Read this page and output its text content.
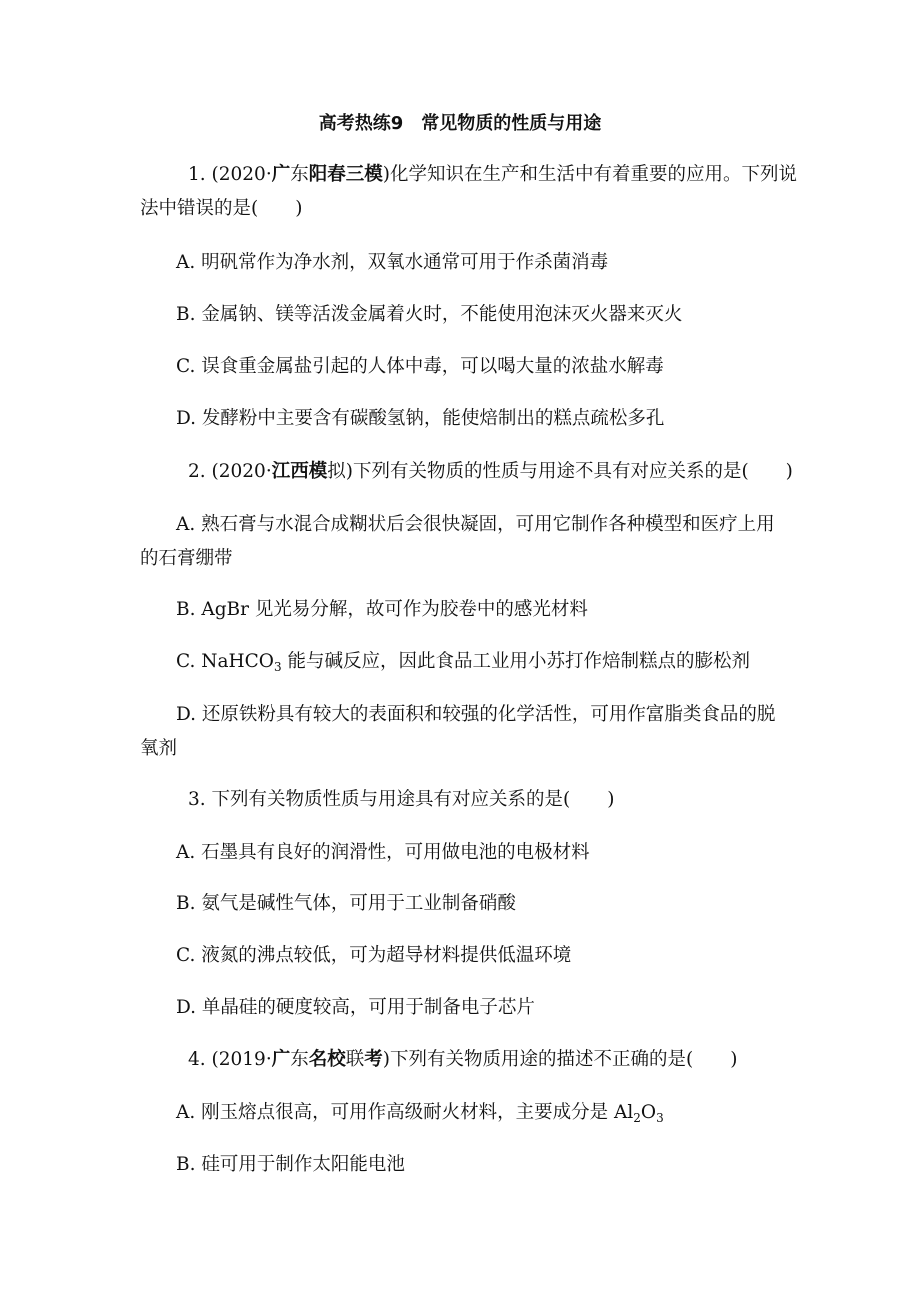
高考热练9　常见物质的性质与用途

1. (2020·广东阳春三模)化学知识在生产和生活中有着重要的应用。下列说

法中错误的是(　　)

A. 明矾常作为净水剂，双氧水通常可用于作杀菌消毒

B. 金属钠、镁等活泼金属着火时，不能使用泡沫灭火器来灭火

C. 误食重金属盐引起的人体中毒，可以喝大量的浓盐水解毒

D. 发酵粉中主要含有碳酸氢钠，能使焙制出的糕点疏松多孔

2. (2020·江西模拟)下列有关物质的性质与用途不具有对应关系的是(　　)

A. 熟石膏与水混合成糊状后会很快凝固，可用它制作各种模型和医疗上用

的石膏绷带

B. AgBr 见光易分解，故可作为胶卷中的感光材料

C. NaHCO$_3$ 能与碱反应，因此食品工业用小苏打作焙制糕点的膨松剂

D. 还原铁粉具有较大的表面积和较强的化学活性，可用作富脂类食品的脱

氧剂

3. 下列有关物质性质与用途具有对应关系的是(　　)

A. 石墨具有良好的润滑性，可用做电池的电极材料

B. 氨气是碱性气体，可用于工业制备硝酸

C. 液氮的沸点较低，可为超导材料提供低温环境

D. 单晶硅的硬度较高，可用于制备电子芯片

4. (2019·广东名校联考)下列有关物质用途的描述不正确的是(　　)

A. 刚玉熔点很高，可用作高级耐火材料，主要成分是 $Al_2O_3$

B. 硅可用于制作太阳能电池
